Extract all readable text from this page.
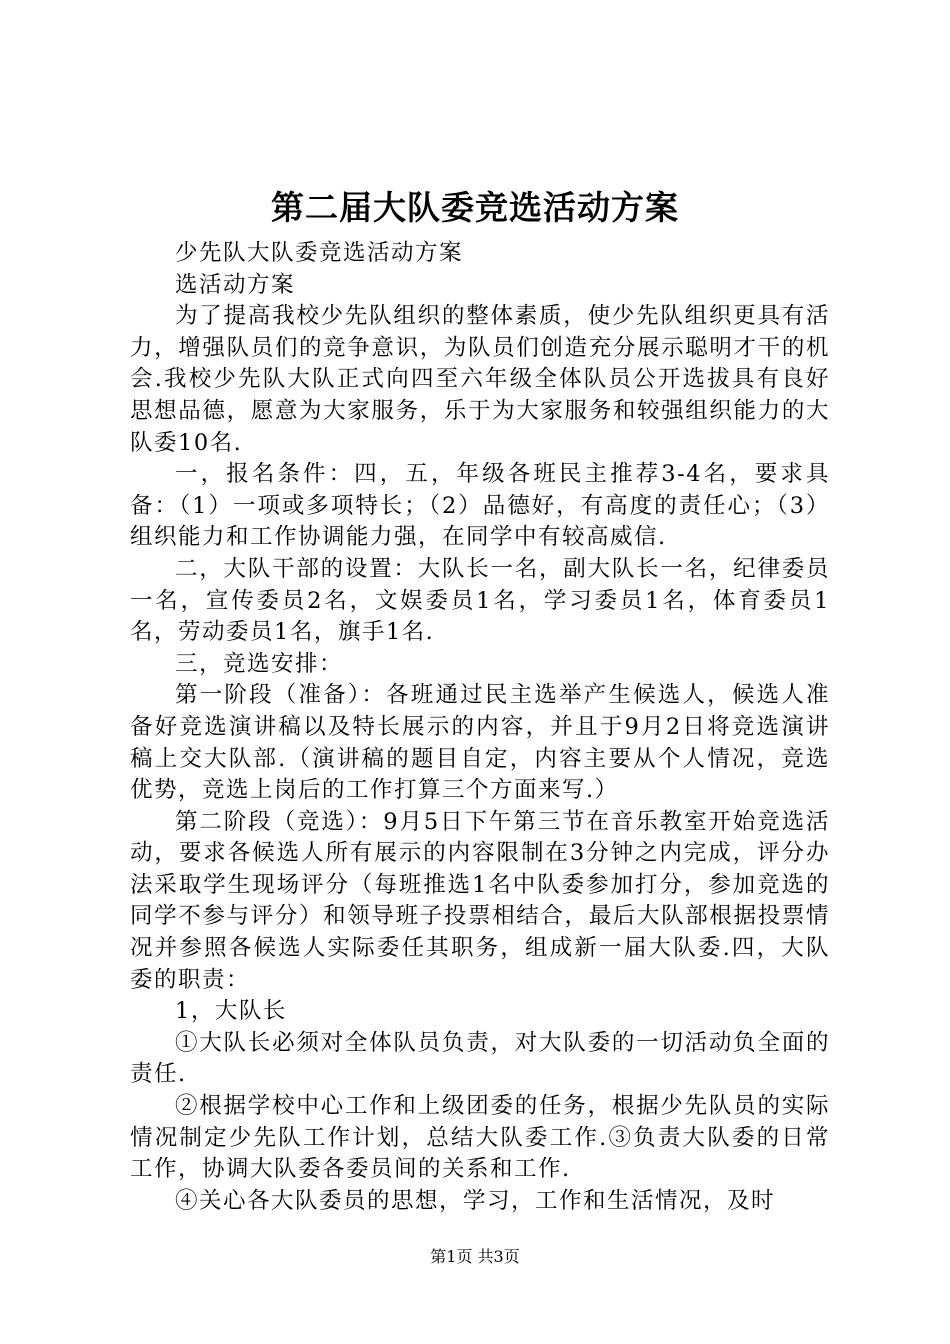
第二届大队委竞选活动方案

少先队大队委竞选活动方案

选活动方案

为了提高我校少先队组织的整体素质，使少先队组织更具有活力，增强队员们的竞争意识，为队员们创造充分展示聪明才干的机会.我校少先队大队正式向四至六年级全体队员公开选拔具有良好思想品德，愿意为大家服务，乐于为大家服务和较强组织能力的大队委10名.

一，报名条件：四，五，年级各班民主推荐3-4名，要求具备：（1）一项或多项特长；（2）品德好，有高度的责任心；（3）组织能力和工作协调能力强，在同学中有较高威信.

二，大队干部的设置：大队长一名，副大队长一名，纪律委员一名，宣传委员2名，文娱委员1名，学习委员1名，体育委员1名，劳动委员1名，旗手1名.

三，竞选安排：

第一阶段（准备）：各班通过民主选举产生候选人，候选人准备好竞选演讲稿以及特长展示的内容，并且于9月2日将竞选演讲稿上交大队部.（演讲稿的题目自定，内容主要从个人情况，竞选优势，竞选上岗后的工作打算三个方面来写.）

第二阶段（竞选）：9月5日下午第三节在音乐教室开始竞选活动，要求各候选人所有展示的内容限制在3分钟之内完成，评分办法采取学生现场评分（每班推选1名中队委参加打分，参加竞选的同学不参与评分）和领导班子投票相结合，最后大队部根据投票情况并参照各候选人实际委任其职务，组成新一届大队委.四，大队委的职责：

1，大队长

①大队长必须对全体队员负责，对大队委的一切活动负全面的责任.

②根据学校中心工作和上级团委的任务，根据少先队员的实际情况制定少先队工作计划，总结大队委工作.③负责大队委的日常工作，协调大队委各委员间的关系和工作.

④关心各大队委员的思想，学习，工作和生活情况，及时

第1页 共3页
